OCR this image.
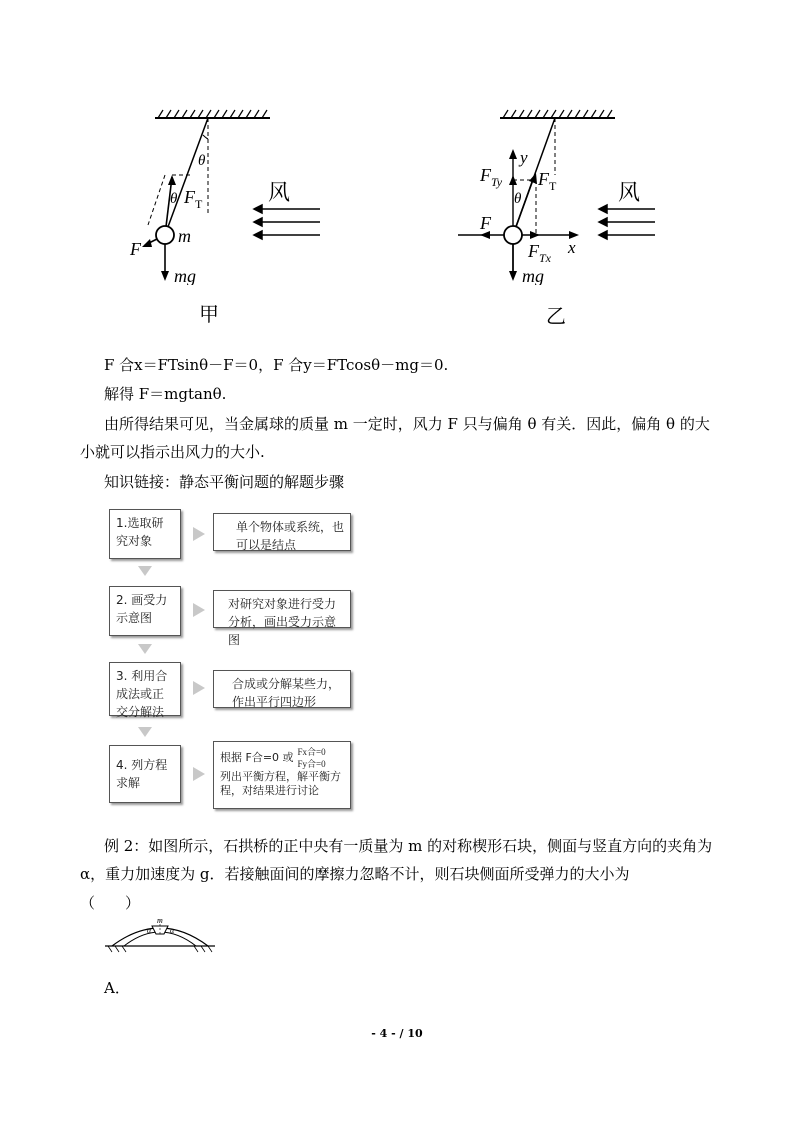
θ
θ $F_T$
F
m
mg
风
甲
y
x
$F_{Ty}$ $F_T$
θ
F
$F_{Tx}$
mg
风
乙
F 合x＝FTsinθ－F＝0，F 合y＝FTcosθ－mg＝0.
解得 F＝mgtanθ.
由所得结果可见，当金属球的质量 m 一定时，风力 F 只与偏角 θ 有关．因此，偏角 θ 的大小就可以指示出风力的大小.
知识链接：静态平衡问题的解题步骤
1.选取研究对象
单个物体或系统，也可以是结点
2. 画受力示意图
对研究对象进行受力分析，画出受力示意图
3. 利用合成法或正交分解法
合成或分解某些力，作出平行四边形
4. 列方程求解
根据 F合=0 或 Fx合=0
Fy合=0
列出平衡方程，解平衡方程，对结果进行讨论
例 2：如图所示，石拱桥的正中央有一质量为 m 的对称楔形石块，侧面与竖直方向的夹角为 α，重力加速度为 g．若接触面间的摩擦力忽略不计，则石块侧面所受弹力的大小为
（　　）
m
α α
A．
- 4 - / 10
